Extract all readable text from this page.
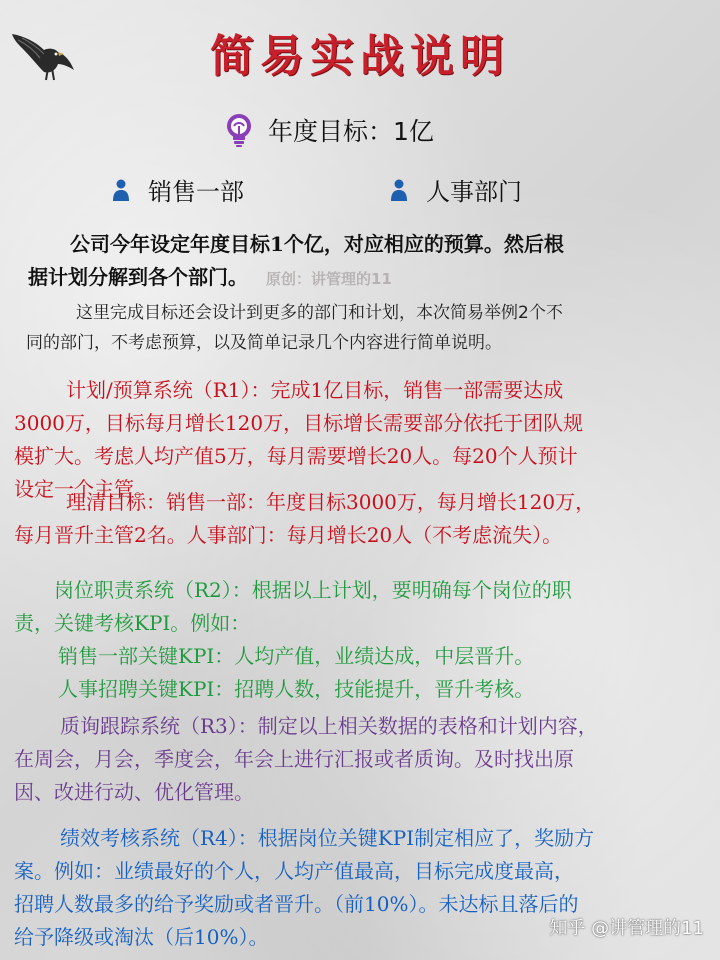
简易实战说明
年度目标：1亿
销售一部	人事部门
公司今年设定年度目标1个亿，对应相应的预算。然后根
据计划分解到各个部门。 原创：讲管理的11
这里完成目标还会设计到更多的部门和计划，本次简易举例2个不
同的部门，不考虑预算，以及简单记录几个内容进行简单说明。
计划/预算系统（R1）：完成1亿目标，销售一部需要达成
3000万，目标每月增长120万，目标增长需要部分依托于团队规
模扩大。考虑人均产值5万，每月需要增长20人。每20个人预计
设定一个主管。
理清目标：销售一部：年度目标3000万，每月增长120万，
每月晋升主管2名。人事部门：每月增长20人（不考虑流失）。
岗位职责系统（R2）：根据以上计划，要明确每个岗位的职
责，关键考核KPI。例如：
销售一部关键KPI：人均产值，业绩达成，中层晋升。
人事招聘关键KPI：招聘人数，技能提升，晋升考核。
质询跟踪系统（R3）：制定以上相关数据的表格和计划内容，
在周会，月会，季度会，年会上进行汇报或者质询。及时找出原
因、改进行动、优化管理。
绩效考核系统（R4）：根据岗位关键KPI制定相应了，奖励方
案。例如：业绩最好的个人，人均产值最高，目标完成度最高，
招聘人数最多的给予奖励或者晋升。（前10%）。未达标且落后的
给予降级或淘汰（后10%）。	知乎 @讲管理的11
